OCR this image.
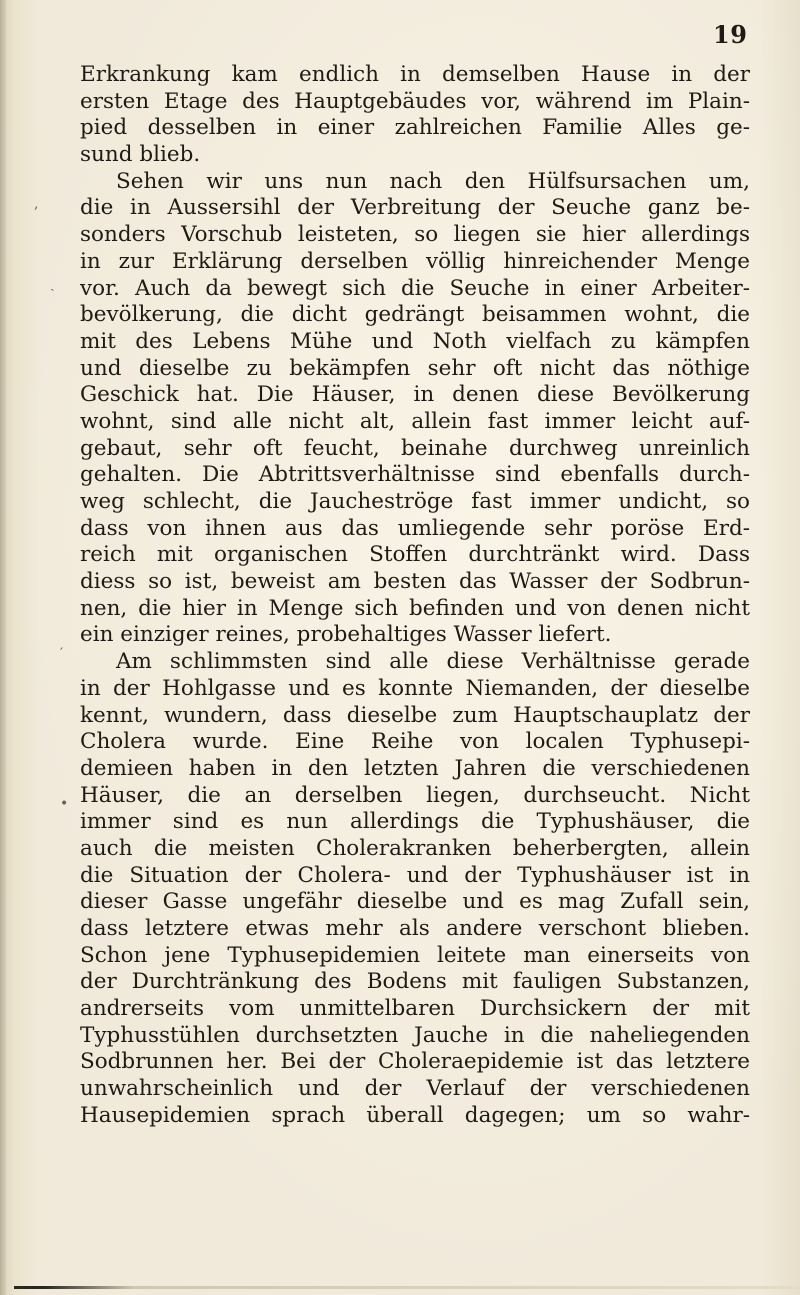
19
,
ˎ
′
•
Erkrankung kam endlich in demselben Hause in der
ersten Etage des Hauptgebäudes vor, während im Plain-
pied desselben in einer zahlreichen Familie Alles ge-
sund blieb.
Sehen wir uns nun nach den Hülfsursachen um,
die in Aussersihl der Verbreitung der Seuche ganz be-
sonders Vorschub leisteten, so liegen sie hier allerdings
in zur Erklärung derselben völlig hinreichender Menge
vor. Auch da bewegt sich die Seuche in einer Arbeiter-
bevölkerung, die dicht gedrängt beisammen wohnt, die
mit des Lebens Mühe und Noth vielfach zu kämpfen
und dieselbe zu bekämpfen sehr oft nicht das nöthige
Geschick hat. Die Häuser, in denen diese Bevölkerung
wohnt, sind alle nicht alt, allein fast immer leicht auf-
gebaut, sehr oft feucht, beinahe durchweg unreinlich
gehalten. Die Abtrittsverhältnisse sind ebenfalls durch-
weg schlecht, die Jaucheströge fast immer undicht, so
dass von ihnen aus das umliegende sehr poröse Erd-
reich mit organischen Stoffen durchtränkt wird. Dass
diess so ist, beweist am besten das Wasser der Sodbrun-
nen, die hier in Menge sich befinden und von denen nicht
ein einziger reines, probehaltiges Wasser liefert.
Am schlimmsten sind alle diese Verhältnisse gerade
in der Hohlgasse und es konnte Niemanden, der dieselbe
kennt, wundern, dass dieselbe zum Hauptschauplatz der
Cholera wurde. Eine Reihe von localen Typhusepi-
demieen haben in den letzten Jahren die verschiedenen
Häuser, die an derselben liegen, durchseucht. Nicht
immer sind es nun allerdings die Typhushäuser, die
auch die meisten Cholerakranken beherbergten, allein
die Situation der Cholera- und der Typhushäuser ist in
dieser Gasse ungefähr dieselbe und es mag Zufall sein,
dass letztere etwas mehr als andere verschont blieben.
Schon jene Typhusepidemien leitete man einerseits von
der Durchtränkung des Bodens mit fauligen Substanzen,
andrerseits vom unmittelbaren Durchsickern der mit
Typhusstühlen durchsetzten Jauche in die naheliegenden
Sodbrunnen her. Bei der Choleraepidemie ist das letztere
unwahrscheinlich und der Verlauf der verschiedenen
Hausepidemien sprach überall dagegen; um so wahr-
